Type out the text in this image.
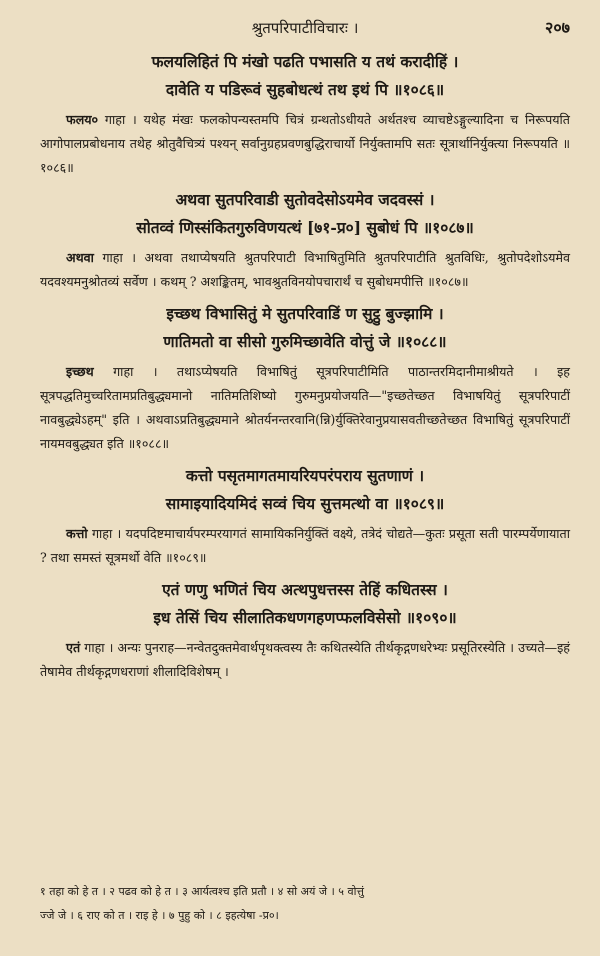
श्रुतपरिपाटीविचारः ।	२०७
फलयलिहितं पि मंखो पढति पभासति य तथं करादीहिं ।
दावेति य पडिरूवं सुहबोधत्थं तथ इथं पि ॥१०८६॥

फलय० गाहा । यथेह मंखः फलकोपन्यस्तमपि चित्रं ग्रन्थतोऽधीयते अर्थतश्च व्याचष्टेऽङ्गुल्यादिना च निरूपयति आगोपालप्रबोधनाय तथेह श्रोतुवैचित्र्यं पश्यन् सर्वानुग्रहप्रवणबुद्धिराचार्यो निर्युक्तामपि सतः सूत्रार्थानिर्युक्त्या निरूपयति ॥१०८६॥

अथवा सुतपरिवाडी सुतोवदेसोऽयमेव जदवस्सं ।
सोतव्वं णिस्संकितगुरुविणयत्थं [७१-प्र०] सुबोधं पि ॥१०८७॥

अथवा गाहा । अथवा तथाप्येषयति श्रुतपरिपाटी विभाषितुमिति श्रुतपरिपाटीति श्रुतविधिः, श्रुतोपदेशोऽयमेव यदवश्यमनुश्रोतव्यं सर्वेण । कथम् ? अशङ्कितम्, भावश्रुतविनयोपचारार्थं च सुबोधमपीत्ति ॥१०८७॥

इच्छथ विभासितुं मे सुतपरिवाडिं ण सुट्ठु बुज्झामि ।
णातिमतो वा सीसो गुरुमिच्छावेति वोत्तुं जे ॥१०८८॥

इच्छथ गाहा । तथाऽप्येषयति विभाषितुं सूत्रपरिपाटीमिति पाठान्तरमिदानीमाश्रीयते । इह सूत्रपद्धतिमुच्चरितामप्रतिबुद्ध्यमानो नातिमतिशिष्यो गुरुमनुप्रयोजयति—"इच्छतेच्छत विभाषयितुं सूत्रपरिपाटीं नावबुद्ध्येऽहम्" इति । अथवाऽप्रतिबुद्ध्यमाने श्रोतर्यनन्तरवानि(न्नि)र्युक्तिरेवानुप्रयासवतीच्छतेच्छत विभाषितुं सूत्रपरिपाटीं नायमवबुद्ध्यत इति ॥१०८८॥

कत्तो पसृतमागतमायरियपरंपराय सुतणाणं ।
सामाइयादियमिदं सव्वं चिय सुत्तमत्थो वा ॥१०८९॥

कत्तो गाहा । यदपदिष्टमाचार्यपरम्परयागतं सामायिकनिर्युक्तिं वक्ष्ये, तत्रेदं चोद्यते—कुतः प्रसूता सती पारम्पर्येणायाता ? तथा समस्तं सूत्रमर्थो वेति ॥१०८९॥

एतं णणु भणितं चिय अत्थपुधत्तस्स तेहिं कधितस्स ।
इध तेसिं चिय सीलातिकधणगहणप्फलविसेसो ॥१०९०॥

एतं गाहा । अन्यः पुनराह—नन्वेतदुक्तमेवार्थपृथक्त्वस्य तैः कथितस्येति तीर्थकृद्गणधरेभ्यः प्रसूतिरस्येति । उच्यते—इहं तेषामेव तीर्थकृद्गणधराणां शीलादिविशेषम् ।

१ तहा को हे त । २ पढव को हे त । ३ आर्यत्वश्च इति प्रतौ । ४ सो अयं जे । ५ वोत्तुं
ज्जे जे । ६ राए को त । राइ हे । ७ पुहु को । ८ इहत्येषा -प्र०।
